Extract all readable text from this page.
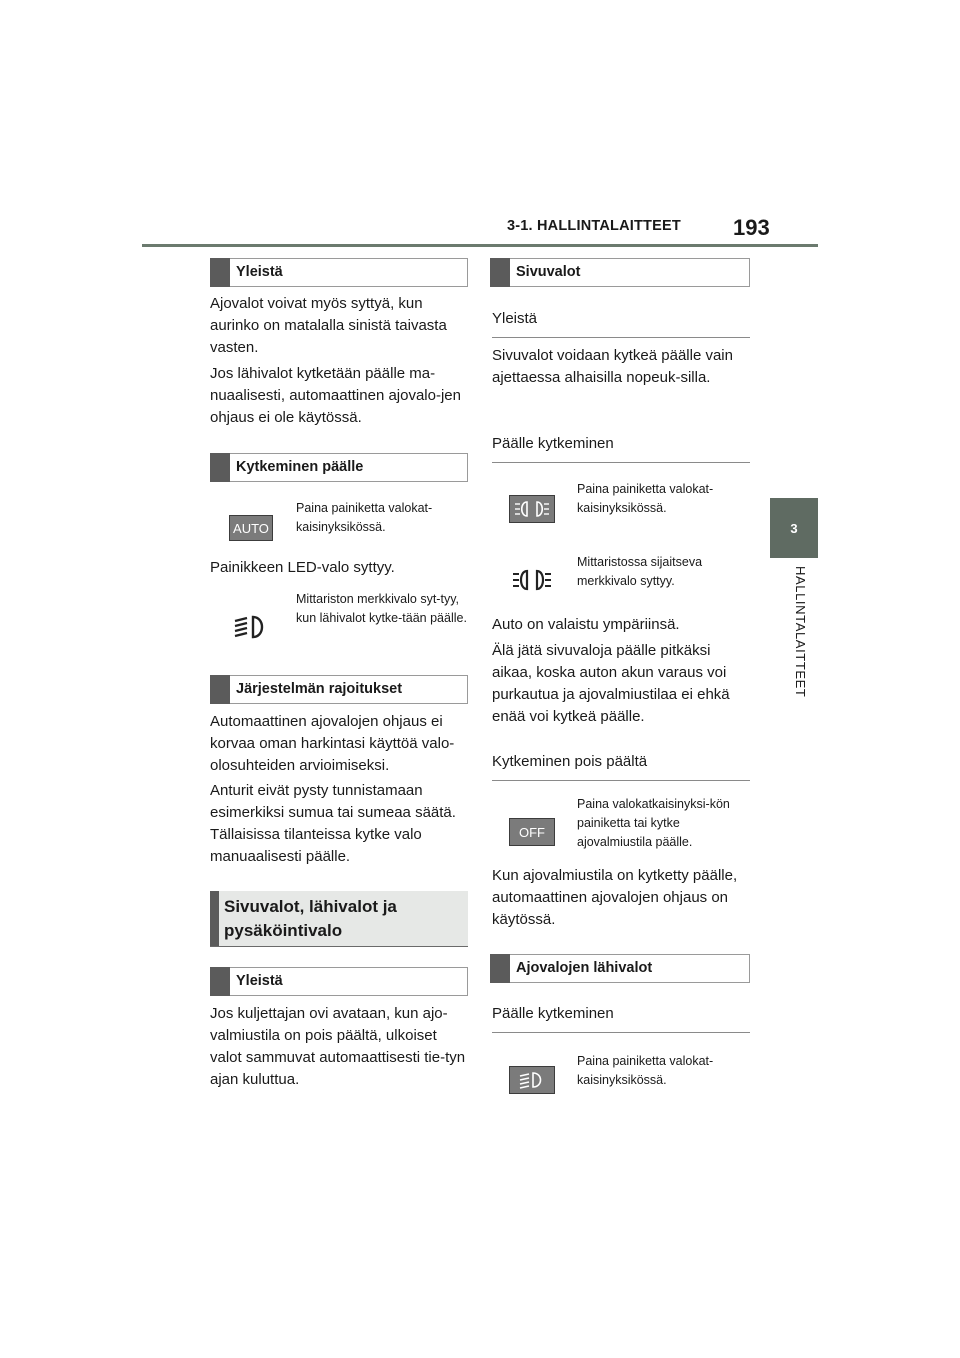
3-1. HALLINTALAITTEET 193
3
HALLINTALAITTEET
Yleistä

Ajovalot voivat myös syttyä, kun aurinko on matalalla sinistä taivasta vasten.

Jos lähivalot kytketään päälle ma-nuaalisesti, automaattinen ajovalo-jen ohjaus ei ole käytössä.

Kytkeminen päälle
AUTO
Paina painiketta valokat-kaisinyksikössä.

Painikkeen LED-valo syttyy.

Mittariston merkkivalo syt-tyy, kun lähivalot kytke-tään päälle.
Järjestelmän rajoitukset

Automaattinen ajovalojen ohjaus ei korvaa oman harkintasi käyttöä valo-olosuhteiden arvioimiseksi.

Anturit eivät pysty tunnistamaan esimerkiksi sumua tai sumeaa säätä. Tällaisissa tilanteissa kytke valo manuaalisesti päälle.

Sivuvalot, lähivalot ja pysäköintivalo
Yleistä

Jos kuljettajan ovi avataan, kun ajo-valmiustila on pois päältä, ulkoiset valot sammuvat automaattisesti tie-tyn ajan kuluttua.

Sivuvalot
Yleistä

Sivuvalot voidaan kytkeä päälle vain ajettaessa alhaisilla nopeuk-silla.

Päälle kytkeminen
Paina painiketta valokat-kaisinyksikössä.
Mittaristossa sijaitseva merkkivalo syttyy.

Auto on valaistu ympäriinsä.

Älä jätä sivuvaloja päälle pitkäksi aikaa, koska auton akun varaus voi purkautua ja ajovalmiustilaa ei ehkä enää voi kytkeä päälle.

Kytkeminen pois päältä
OFF
Paina valokatkaisinyksi-kön painiketta tai kytke ajovalmiustila päälle.

Kun ajovalmiustila on kytketty päälle, automaattinen ajovalojen ohjaus on käytössä.

Ajovalojen lähivalot
Päälle kytkeminen
Paina painiketta valokat-kaisinyksikössä.
